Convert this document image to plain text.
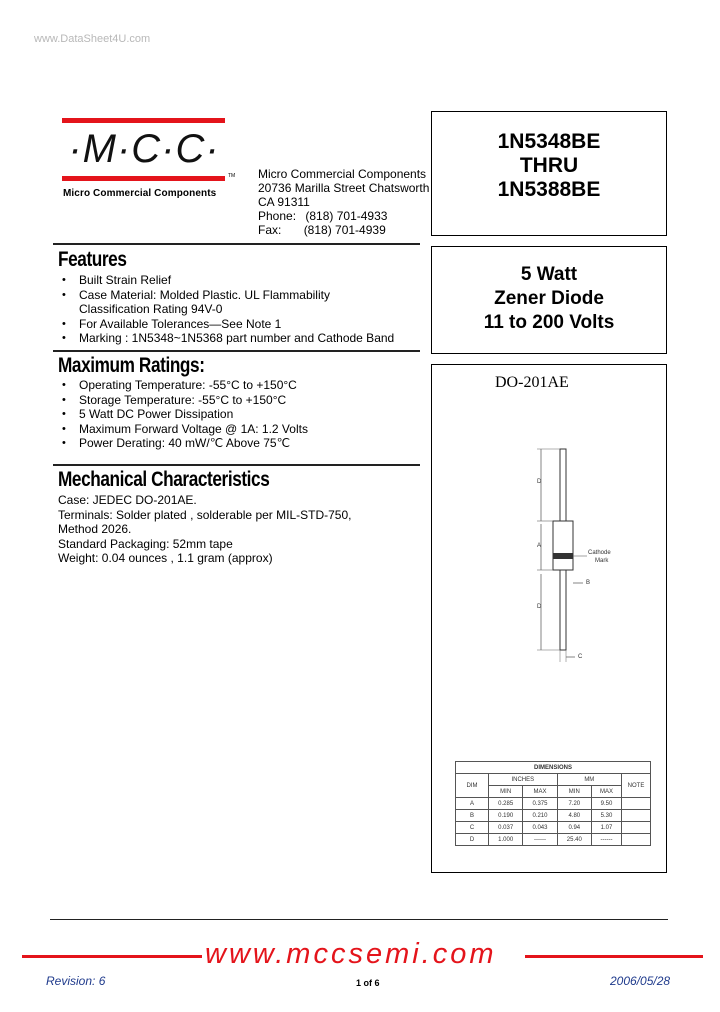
www.DataSheet4U.com
·M·C·C·
TM
Micro Commercial Components
Micro Commercial Components
20736 Marilla Street Chatsworth
CA 91311
Phone: (818) 701-4933
Fax: (818) 701-4939
1N5348BE
THRU
1N5388BE
5 Watt
Zener Diode
11 to 200 Volts
Features
• Built Strain Relief
• Case Material: Molded Plastic. UL Flammability
Classification Rating 94V-0
• For Available Tolerances—See Note 1
• Marking : 1N5348~1N5368 part number and Cathode Band
Maximum Ratings:
• Operating Temperature: -55°C to +150°C
• Storage Temperature: -55°C to +150°C
• 5 Watt DC Power Dissipation
• Maximum Forward Voltage @ 1A: 1.2 Volts
• Power Derating: 40 mW/℃ Above 75℃
Mechanical Characteristics
Case: JEDEC DO-201AE.
Terminals: Solder plated , solderable per MIL-STD-750,
Method 2026.
Standard Packaging: 52mm tape
Weight: 0.04 ounces , 1.1 gram (approx)
DO-201AE
D
A
D
B
C
Cathode
Mark
DIMENSIONS					
DIM	INCHES		MM		NOTE
	MIN	MAX	MIN	MAX	
A	0.285	0.375	7.20	9.50	
B	0.190	0.210	4.80	5.30	
C	0.037	0.043	0.94	1.07	
D	1.000	------	25.40	------	
www.mccsemi.com
Revision: 6	1 of 6	2006/05/28
